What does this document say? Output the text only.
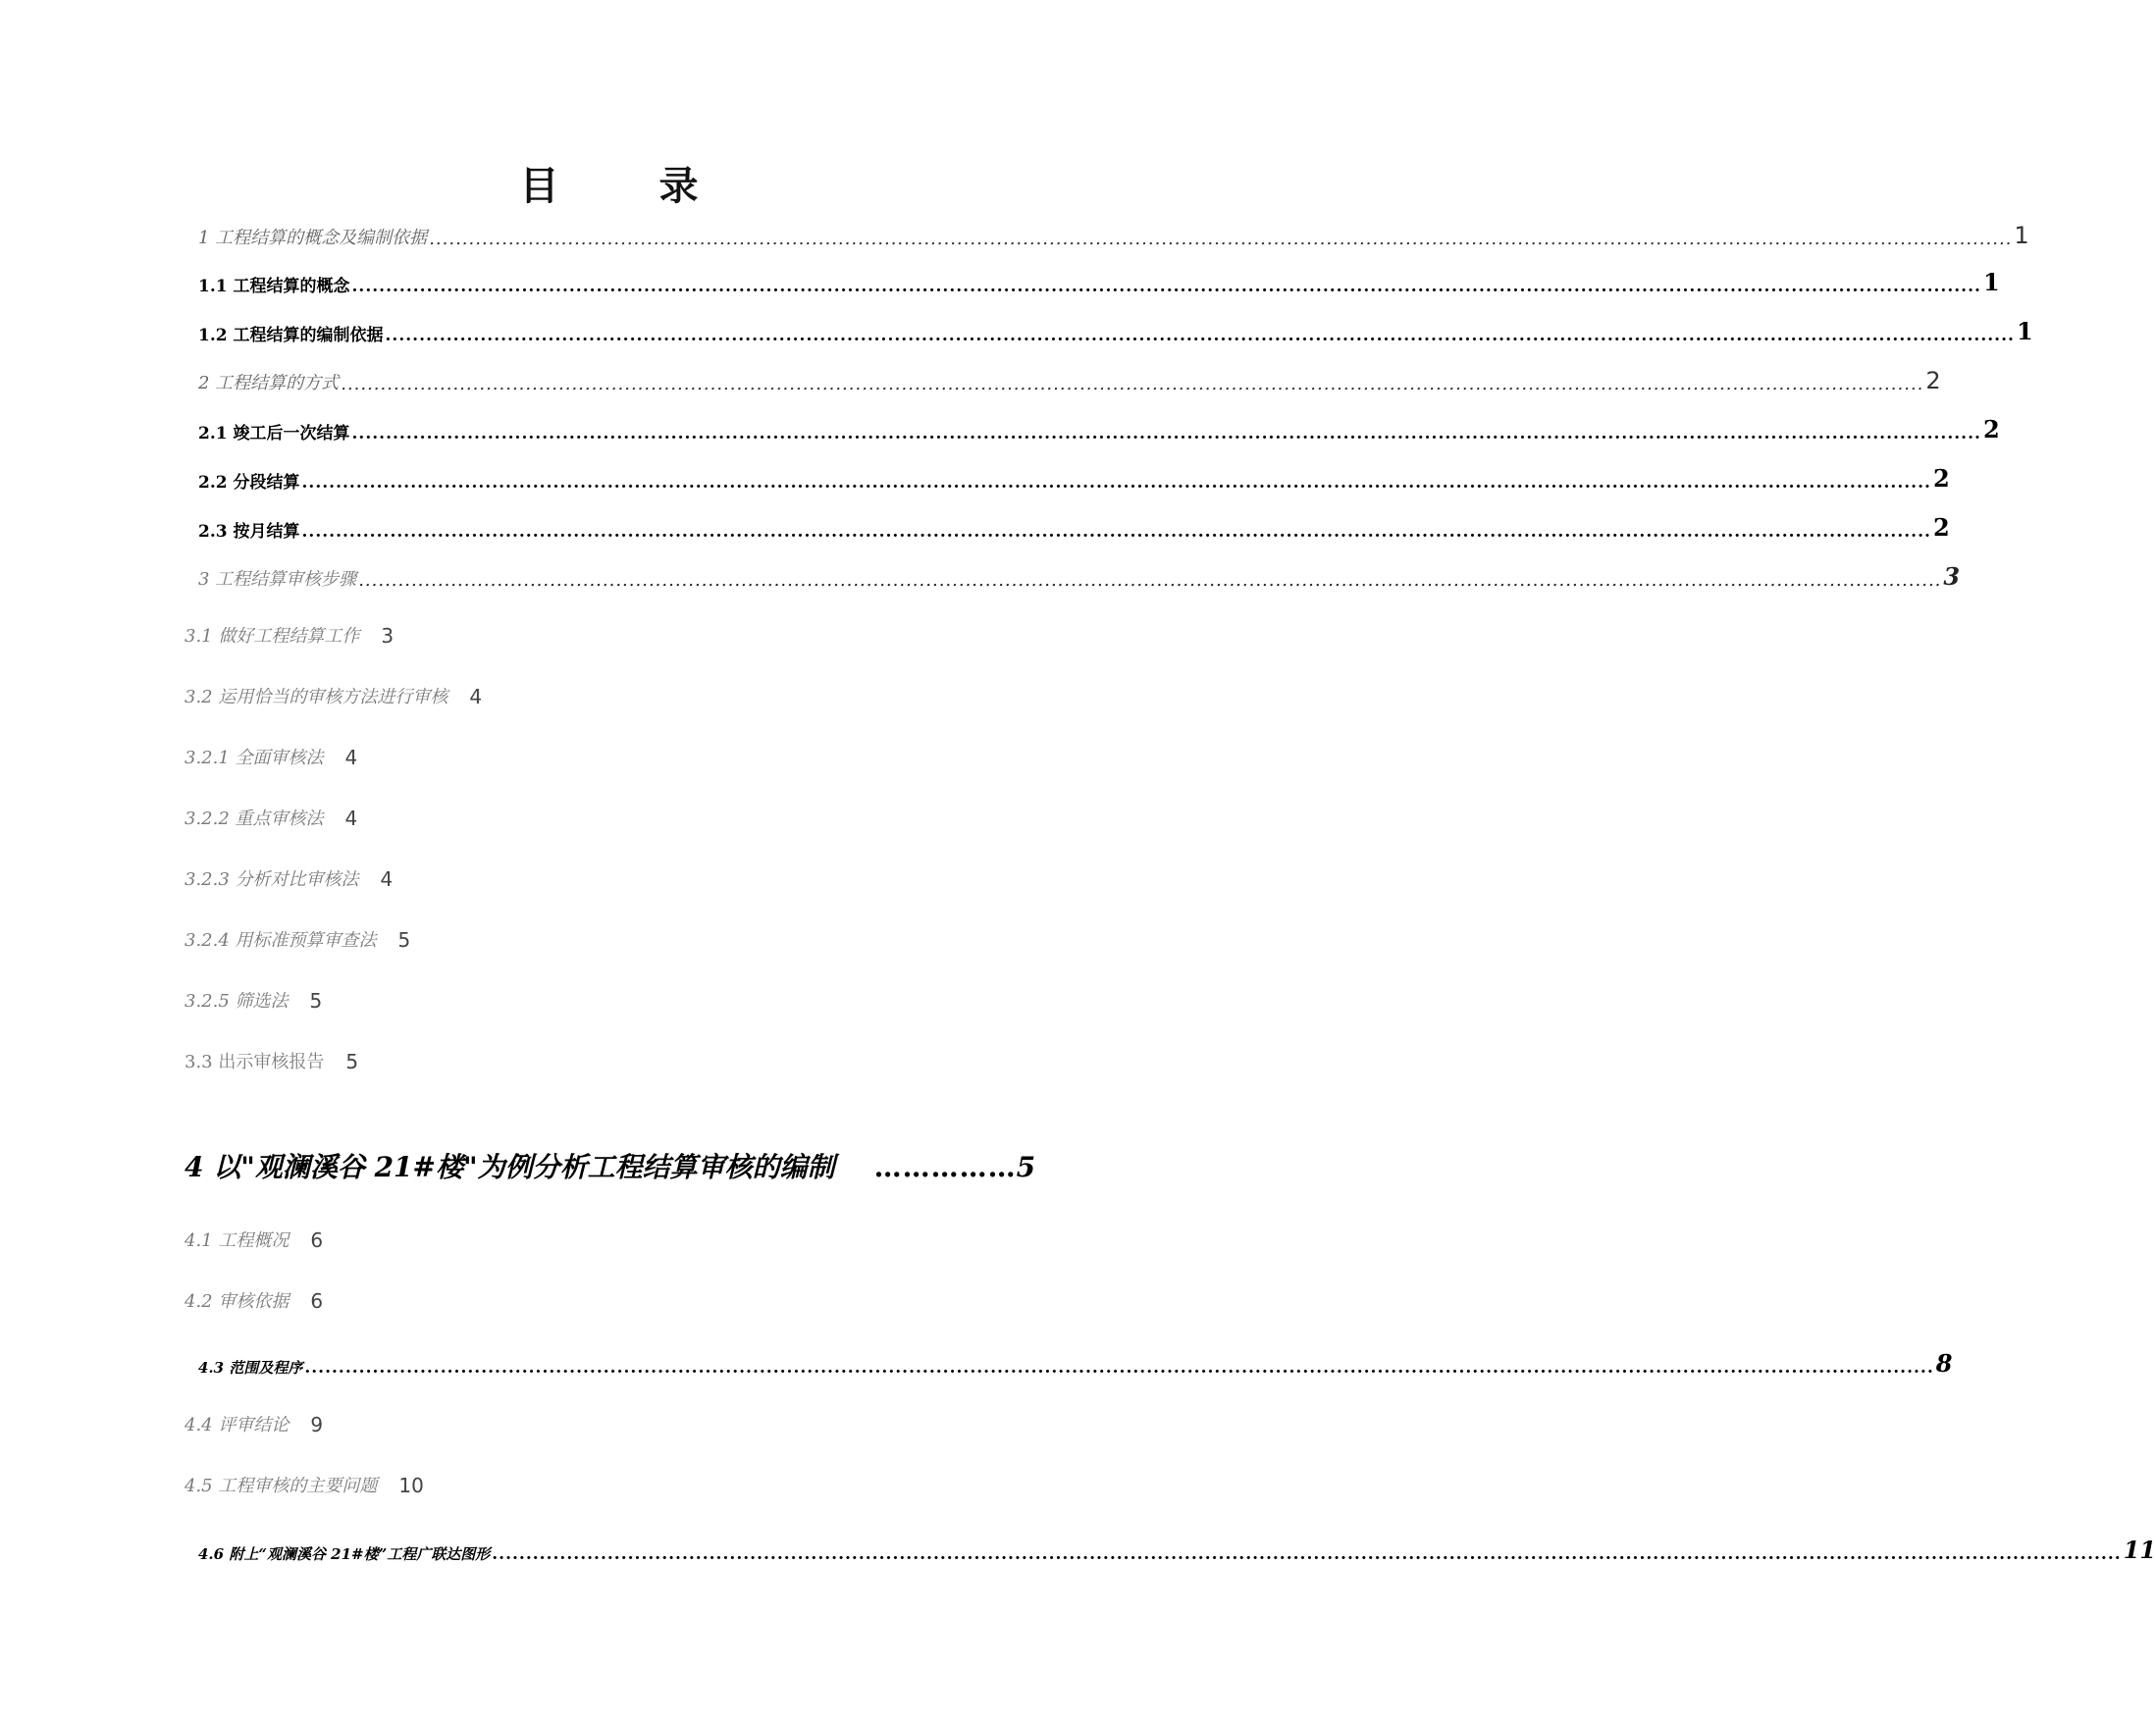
目 录
1 工程结算的概念及编制依据 ................................................................................................................................................................................................................................................ 1
1.1 工程结算的概念 ................................................................................................................................................................................................................................................ 1
1.2 工程结算的编制依据 ................................................................................................................................................................................................................................................ 1
2 工程结算的方式 ................................................................................................................................................................................................................................................ 2
2.1 竣工后一次结算 ................................................................................................................................................................................................................................................ 2
2.2 分段结算 ................................................................................................................................................................................................................................................ 2
2.3 按月结算 ................................................................................................................................................................................................................................................ 2
3 工程结算审核步骤 ................................................................................................................................................................................................................................................ 3
3.1 做好工程结算工作 3
3.2 运用恰当的审核方法进行审核 4
3.2.1 全面审核法 4
3.2.2 重点审核法 4
3.2.3 分析对比审核法 4
3.2.4 用标准预算审查法 5
3.2.5 筛选法 5
3.3 出示审核报告 5
4 以"观澜溪谷 21#楼"为例分析工程结算审核的编制 ……………5
4.1 工程概况 6
4.2 审核依据 6
4.3 范围及程序 ................................................................................................................................................................................................................................................ 8
4.4 评审结论 9
4.5 工程审核的主要问题 10
4.6 附上“观澜溪谷 21#楼”工程广联达图形 ................................................................................................................................................................................................................................................ 11
